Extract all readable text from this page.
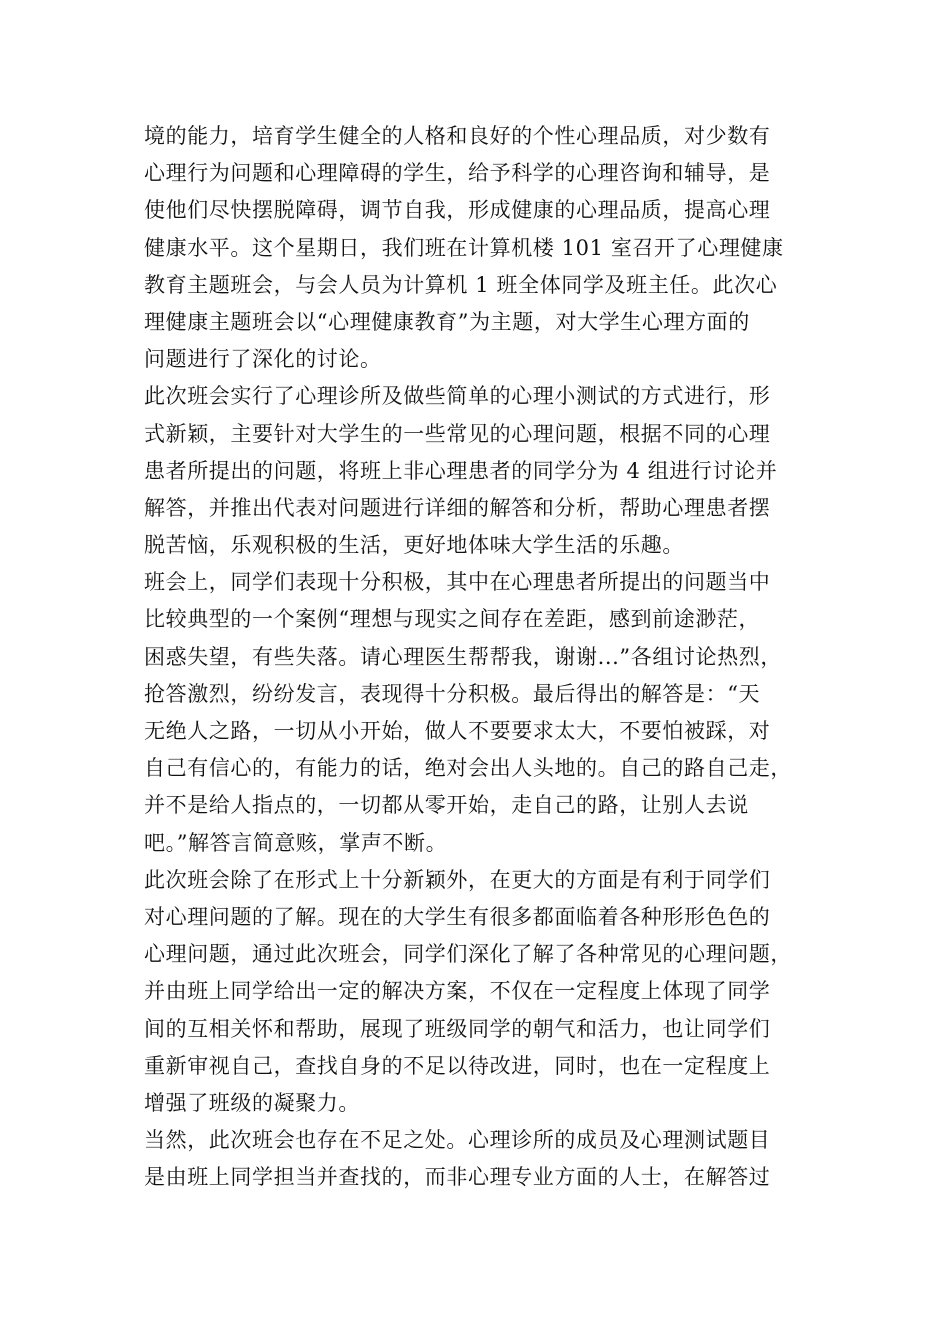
境的能力，培育学生健全的人格和良好的个性心理品质，对少数有
心理行为问题和心理障碍的学生，给予科学的心理咨询和辅导，是
使他们尽快摆脱障碍，调节自我，形成健康的心理品质，提高心理
健康水平。这个星期日，我们班在计算机楼 101 室召开了心理健康
教育主题班会，与会人员为计算机 1 班全体同学及班主任。此次心
理健康主题班会以“心理健康教育”为主题，对大学生心理方面的
问题进行了深化的讨论。

此次班会实行了心理诊所及做些简单的心理小测试的方式进行，形
式新颖，主要针对大学生的一些常见的心理问题，根据不同的心理
患者所提出的问题，将班上非心理患者的同学分为 4 组进行讨论并
解答，并推出代表对问题进行详细的解答和分析，帮助心理患者摆
脱苦恼，乐观积极的生活，更好地体味大学生活的乐趣。

班会上，同学们表现十分积极，其中在心理患者所提出的问题当中
比较典型的一个案例“理想与现实之间存在差距，感到前途渺茫，
困惑失望，有些失落。请心理医生帮帮我，谢谢...”各组讨论热烈，
抢答激烈，纷纷发言，表现得十分积极。最后得出的解答是：“天
无绝人之路，一切从小开始，做人不要要求太大，不要怕被踩，对
自己有信心的，有能力的话，绝对会出人头地的。自己的路自己走，
并不是给人指点的，一切都从零开始，走自己的路，让别人去说
吧。”解答言简意赅，掌声不断。

此次班会除了在形式上十分新颖外，在更大的方面是有利于同学们
对心理问题的了解。现在的大学生有很多都面临着各种形形色色的
心理问题，通过此次班会，同学们深化了解了各种常见的心理问题，
并由班上同学给出一定的解决方案，不仅在一定程度上体现了同学
间的互相关怀和帮助，展现了班级同学的朝气和活力，也让同学们
重新审视自己，查找自身的不足以待改进，同时，也在一定程度上
增强了班级的凝聚力。

当然，此次班会也存在不足之处。心理诊所的成员及心理测试题目
是由班上同学担当并查找的，而非心理专业方面的人士，在解答过
